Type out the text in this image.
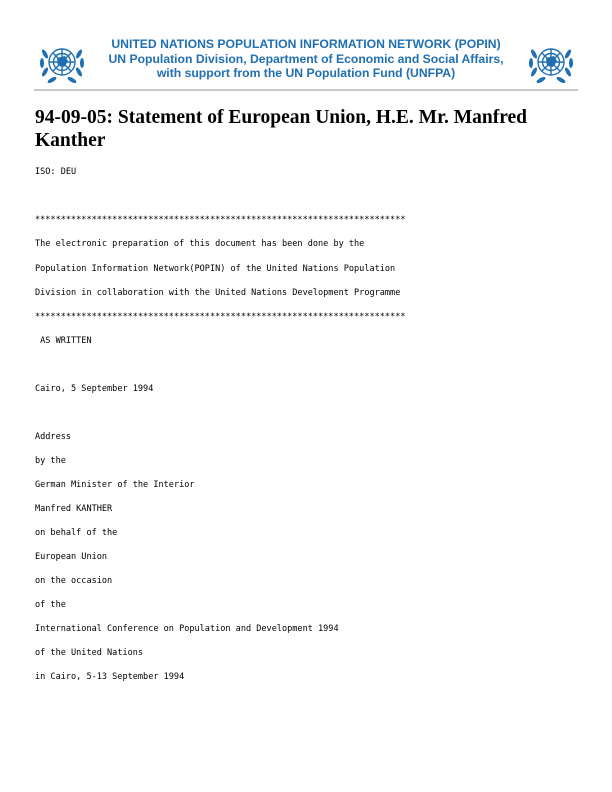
UNITED NATIONS POPULATION INFORMATION NETWORK (POPIN)
UN Population Division, Department of Economic and Social Affairs,
with support from the UN Population Fund (UNFPA)
94-09-05: Statement of European Union, H.E. Mr. Manfred Kanther
ISO: DEU
************************************************************************
The electronic preparation of this document has been done by the
Population Information Network(POPIN) of the United Nations Population
Division in collaboration with the United Nations Development Programme
************************************************************************
AS WRITTEN
Cairo, 5 September 1994
Address
by the
German Minister of the Interior
Manfred KANTHER
on behalf of the
European Union
on the occasion
of the
International Conference on Population and Development 1994
of the United Nations
in Cairo, 5-13 September 1994
